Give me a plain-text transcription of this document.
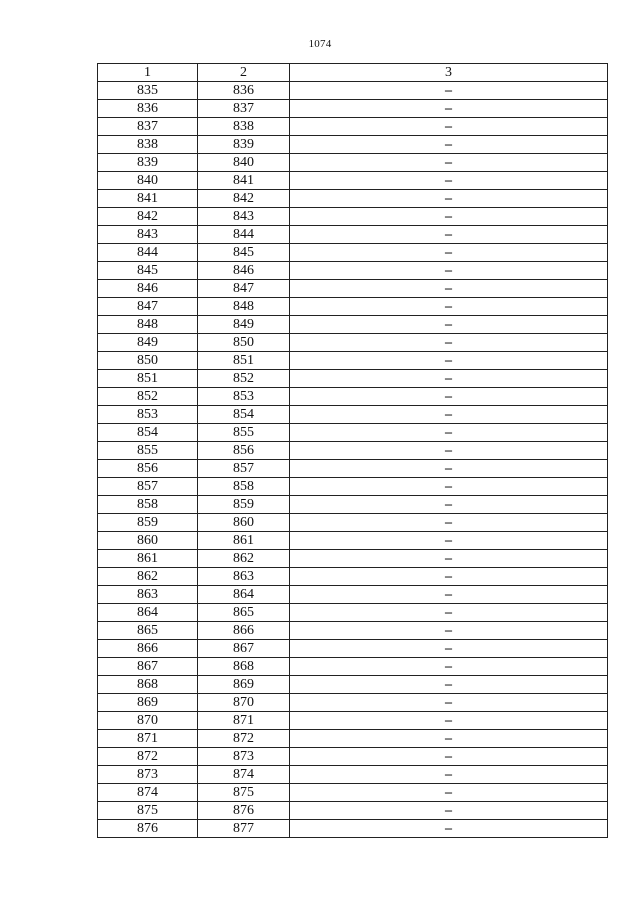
1074
1	2	3
835	836	–
836	837	–
837	838	–
838	839	–
839	840	–
840	841	–
841	842	–
842	843	–
843	844	–
844	845	–
845	846	–
846	847	–
847	848	–
848	849	–
849	850	–
850	851	–
851	852	–
852	853	–
853	854	–
854	855	–
855	856	–
856	857	–
857	858	–
858	859	–
859	860	–
860	861	–
861	862	–
862	863	–
863	864	–
864	865	–
865	866	–
866	867	–
867	868	–
868	869	–
869	870	–
870	871	–
871	872	–
872	873	–
873	874	–
874	875	–
875	876	–
876	877	–
